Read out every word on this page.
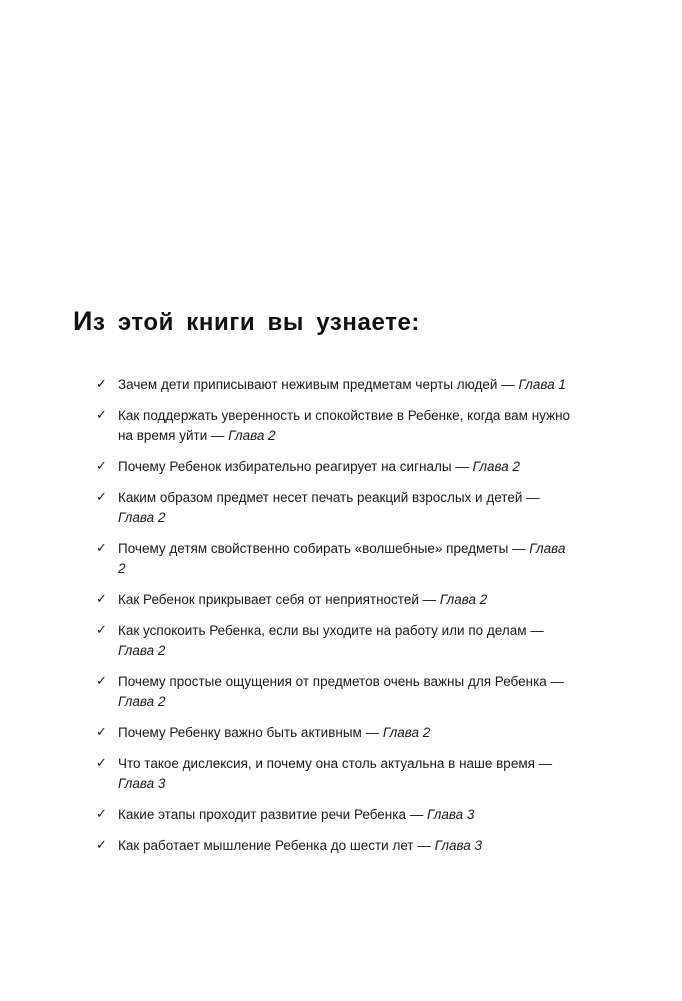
Из этой книги вы узнаете:
✓ Зачем дети приписывают неживым предметам черты людей — Глава 1
✓ Как поддержать уверенность и спокойствие в Ребенке, когда вам нужно на время уйти — Глава 2
✓ Почему Ребенок избирательно реагирует на сигналы — Глава 2
✓ Каким образом предмет несет печать реакций взрослых и детей — Глава 2
✓ Почему детям свойственно собирать «волшебные» предметы — Глава 2
✓ Как Ребенок прикрывает себя от неприятностей — Глава 2
✓ Как успокоить Ребенка, если вы уходите на работу или по делам — Глава 2
✓ Почему простые ощущения от предметов очень важны для Ребенка — Глава 2
✓ Почему Ребенку важно быть активным — Глава 2
✓ Что такое дислексия, и почему она столь актуальна в наше время — Глава 3
✓ Какие этапы проходит развитие речи Ребенка — Глава 3
✓ Как работает мышление Ребенка до шести лет — Глава 3
